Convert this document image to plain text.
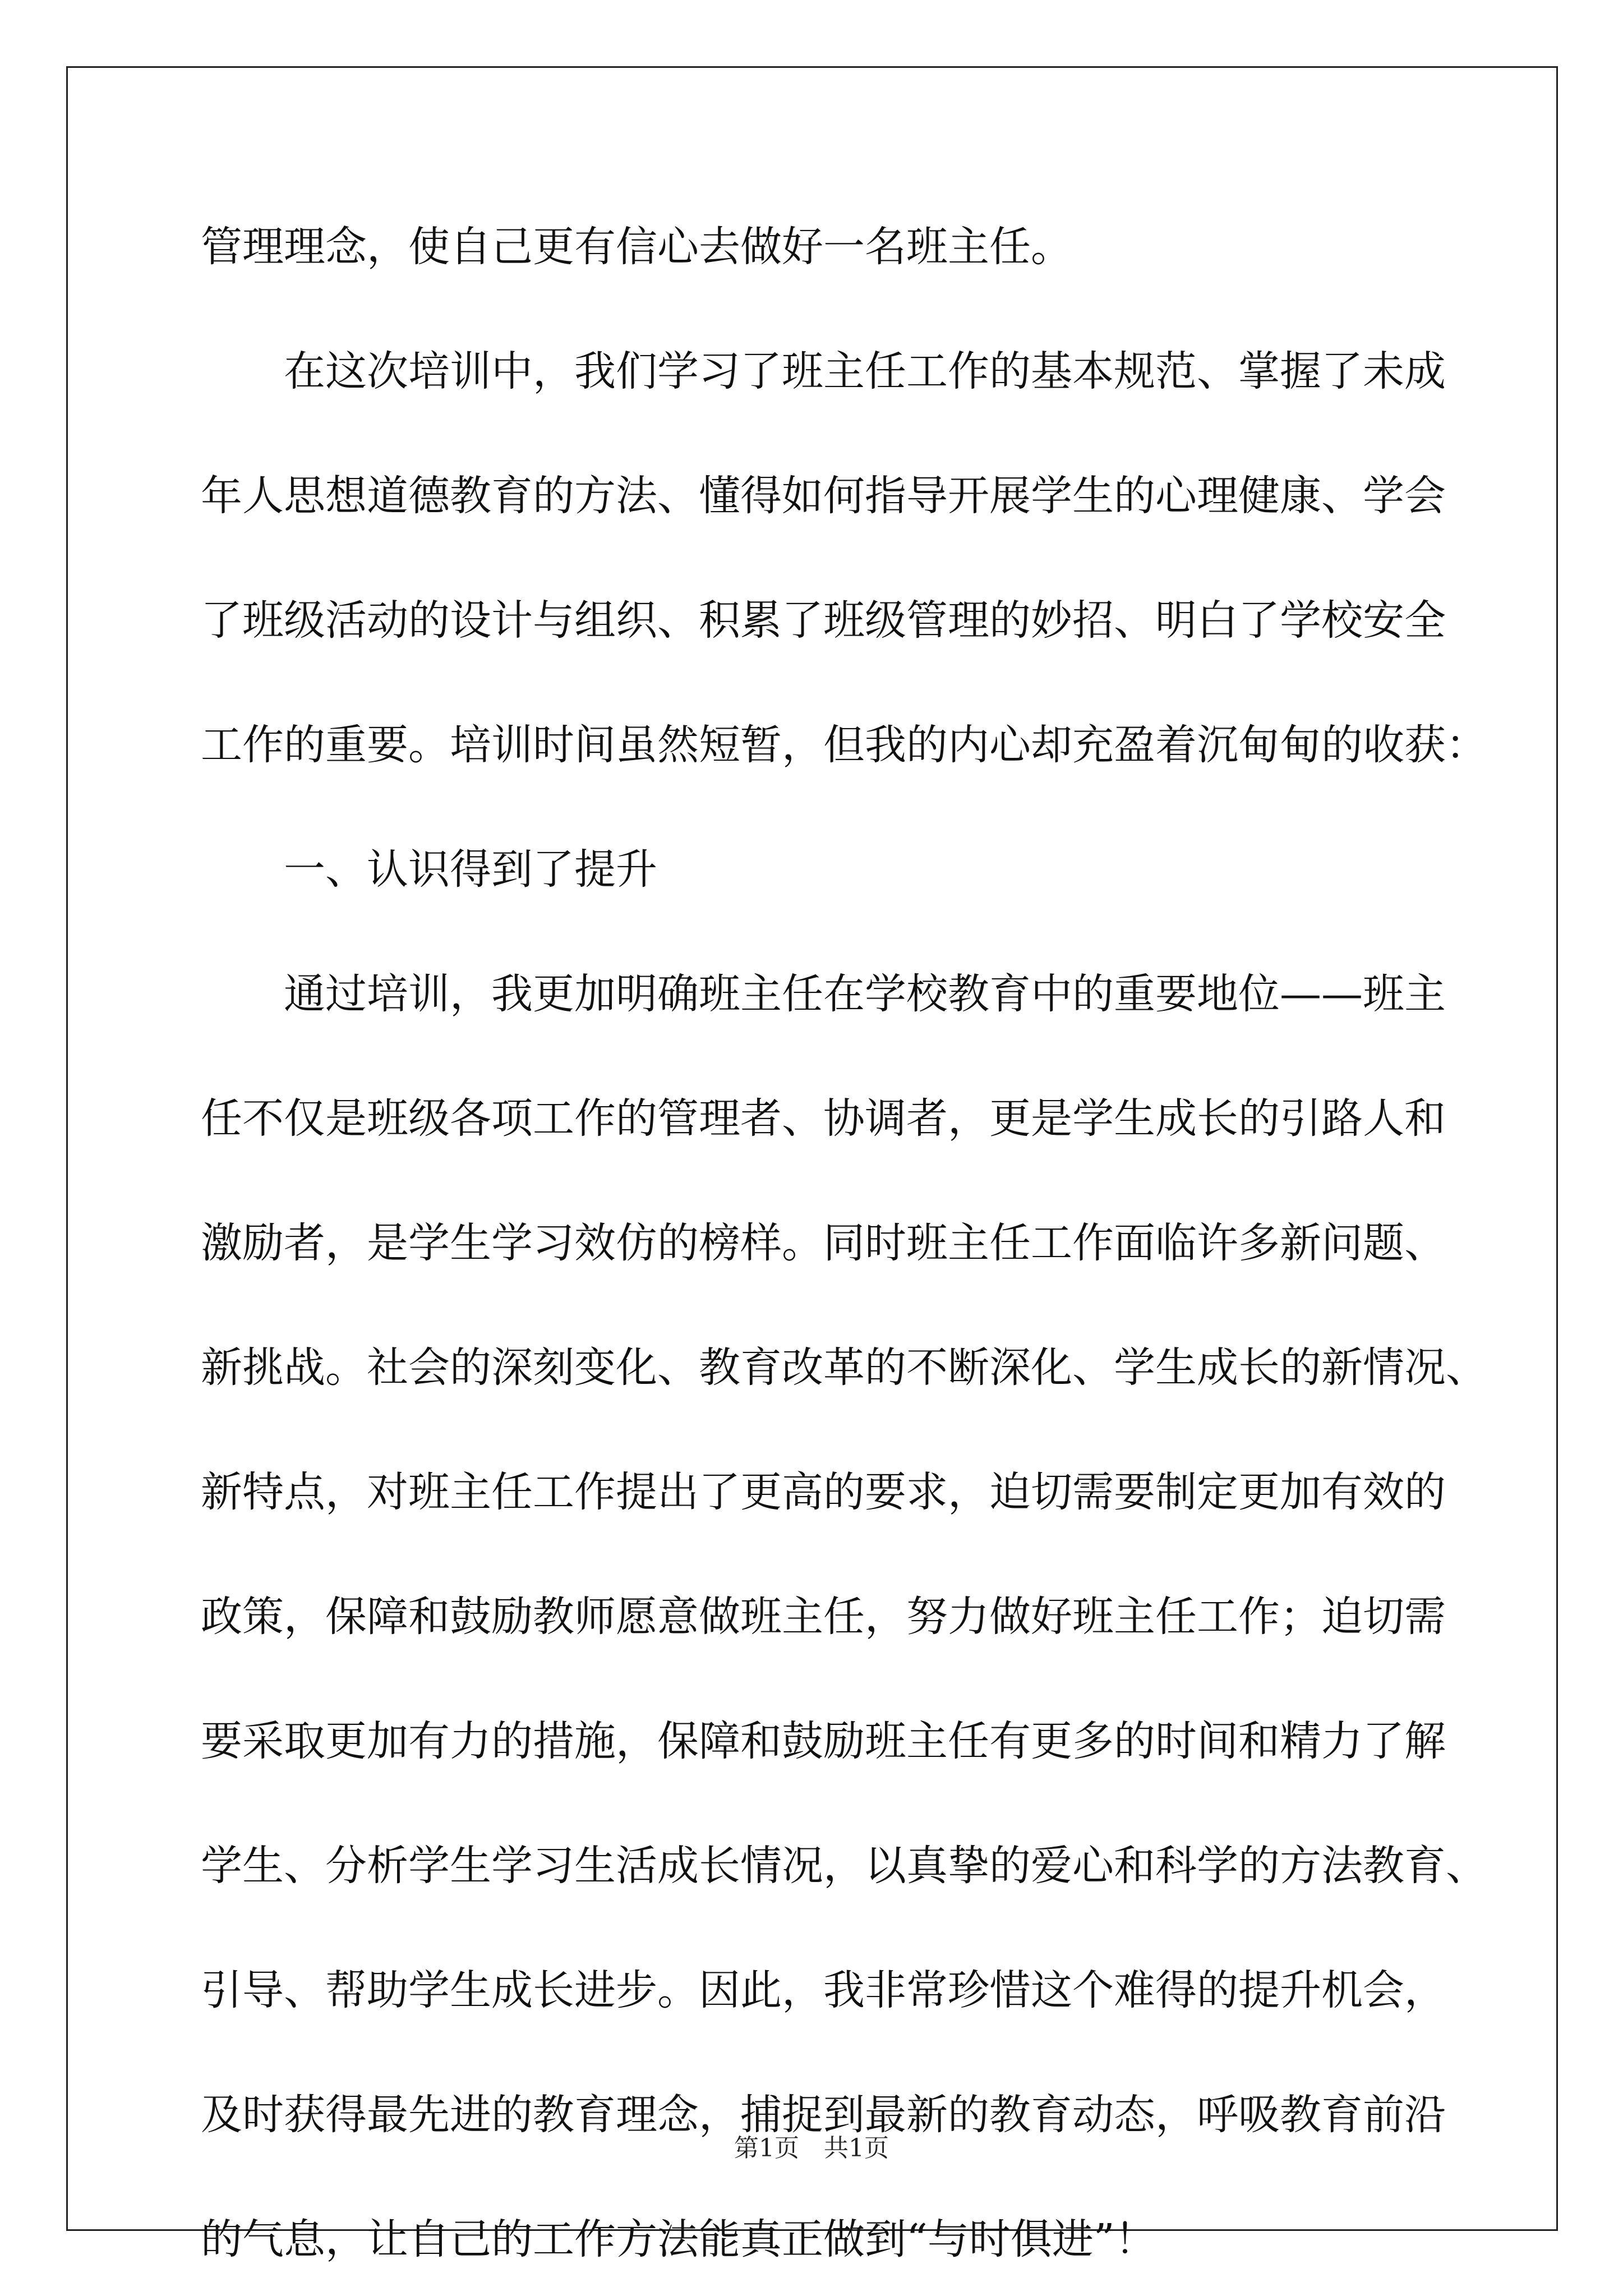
管理理念，使自己更有信心去做好一名班主任。
在这次培训中，我们学习了班主任工作的基本规范、掌握了未成
年人思想道德教育的方法、懂得如何指导开展学生的心理健康、学会
了班级活动的设计与组织、积累了班级管理的妙招、明白了学校安全
工作的重要。培训时间虽然短暂，但我的内心却充盈着沉甸甸的收获：
一、认识得到了提升
通过培训，我更加明确班主任在学校教育中的重要地位——班主
任不仅是班级各项工作的管理者、协调者，更是学生成长的引路人和
激励者，是学生学习效仿的榜样。同时班主任工作面临许多新问题、
新挑战。社会的深刻变化、教育改革的不断深化、学生成长的新情况、
新特点，对班主任工作提出了更高的要求，迫切需要制定更加有效的
政策，保障和鼓励教师愿意做班主任，努力做好班主任工作；迫切需
要采取更加有力的措施，保障和鼓励班主任有更多的时间和精力了解
学生、分析学生学习生活成长情况，以真挚的爱心和科学的方法教育、
引导、帮助学生成长进步。因此，我非常珍惜这个难得的提升机会，
及时获得最先进的教育理念，捕捉到最新的教育动态，呼吸教育前沿
的气息，让自己的工作方法能真正做到“与时俱进”！
第1页　共1页
